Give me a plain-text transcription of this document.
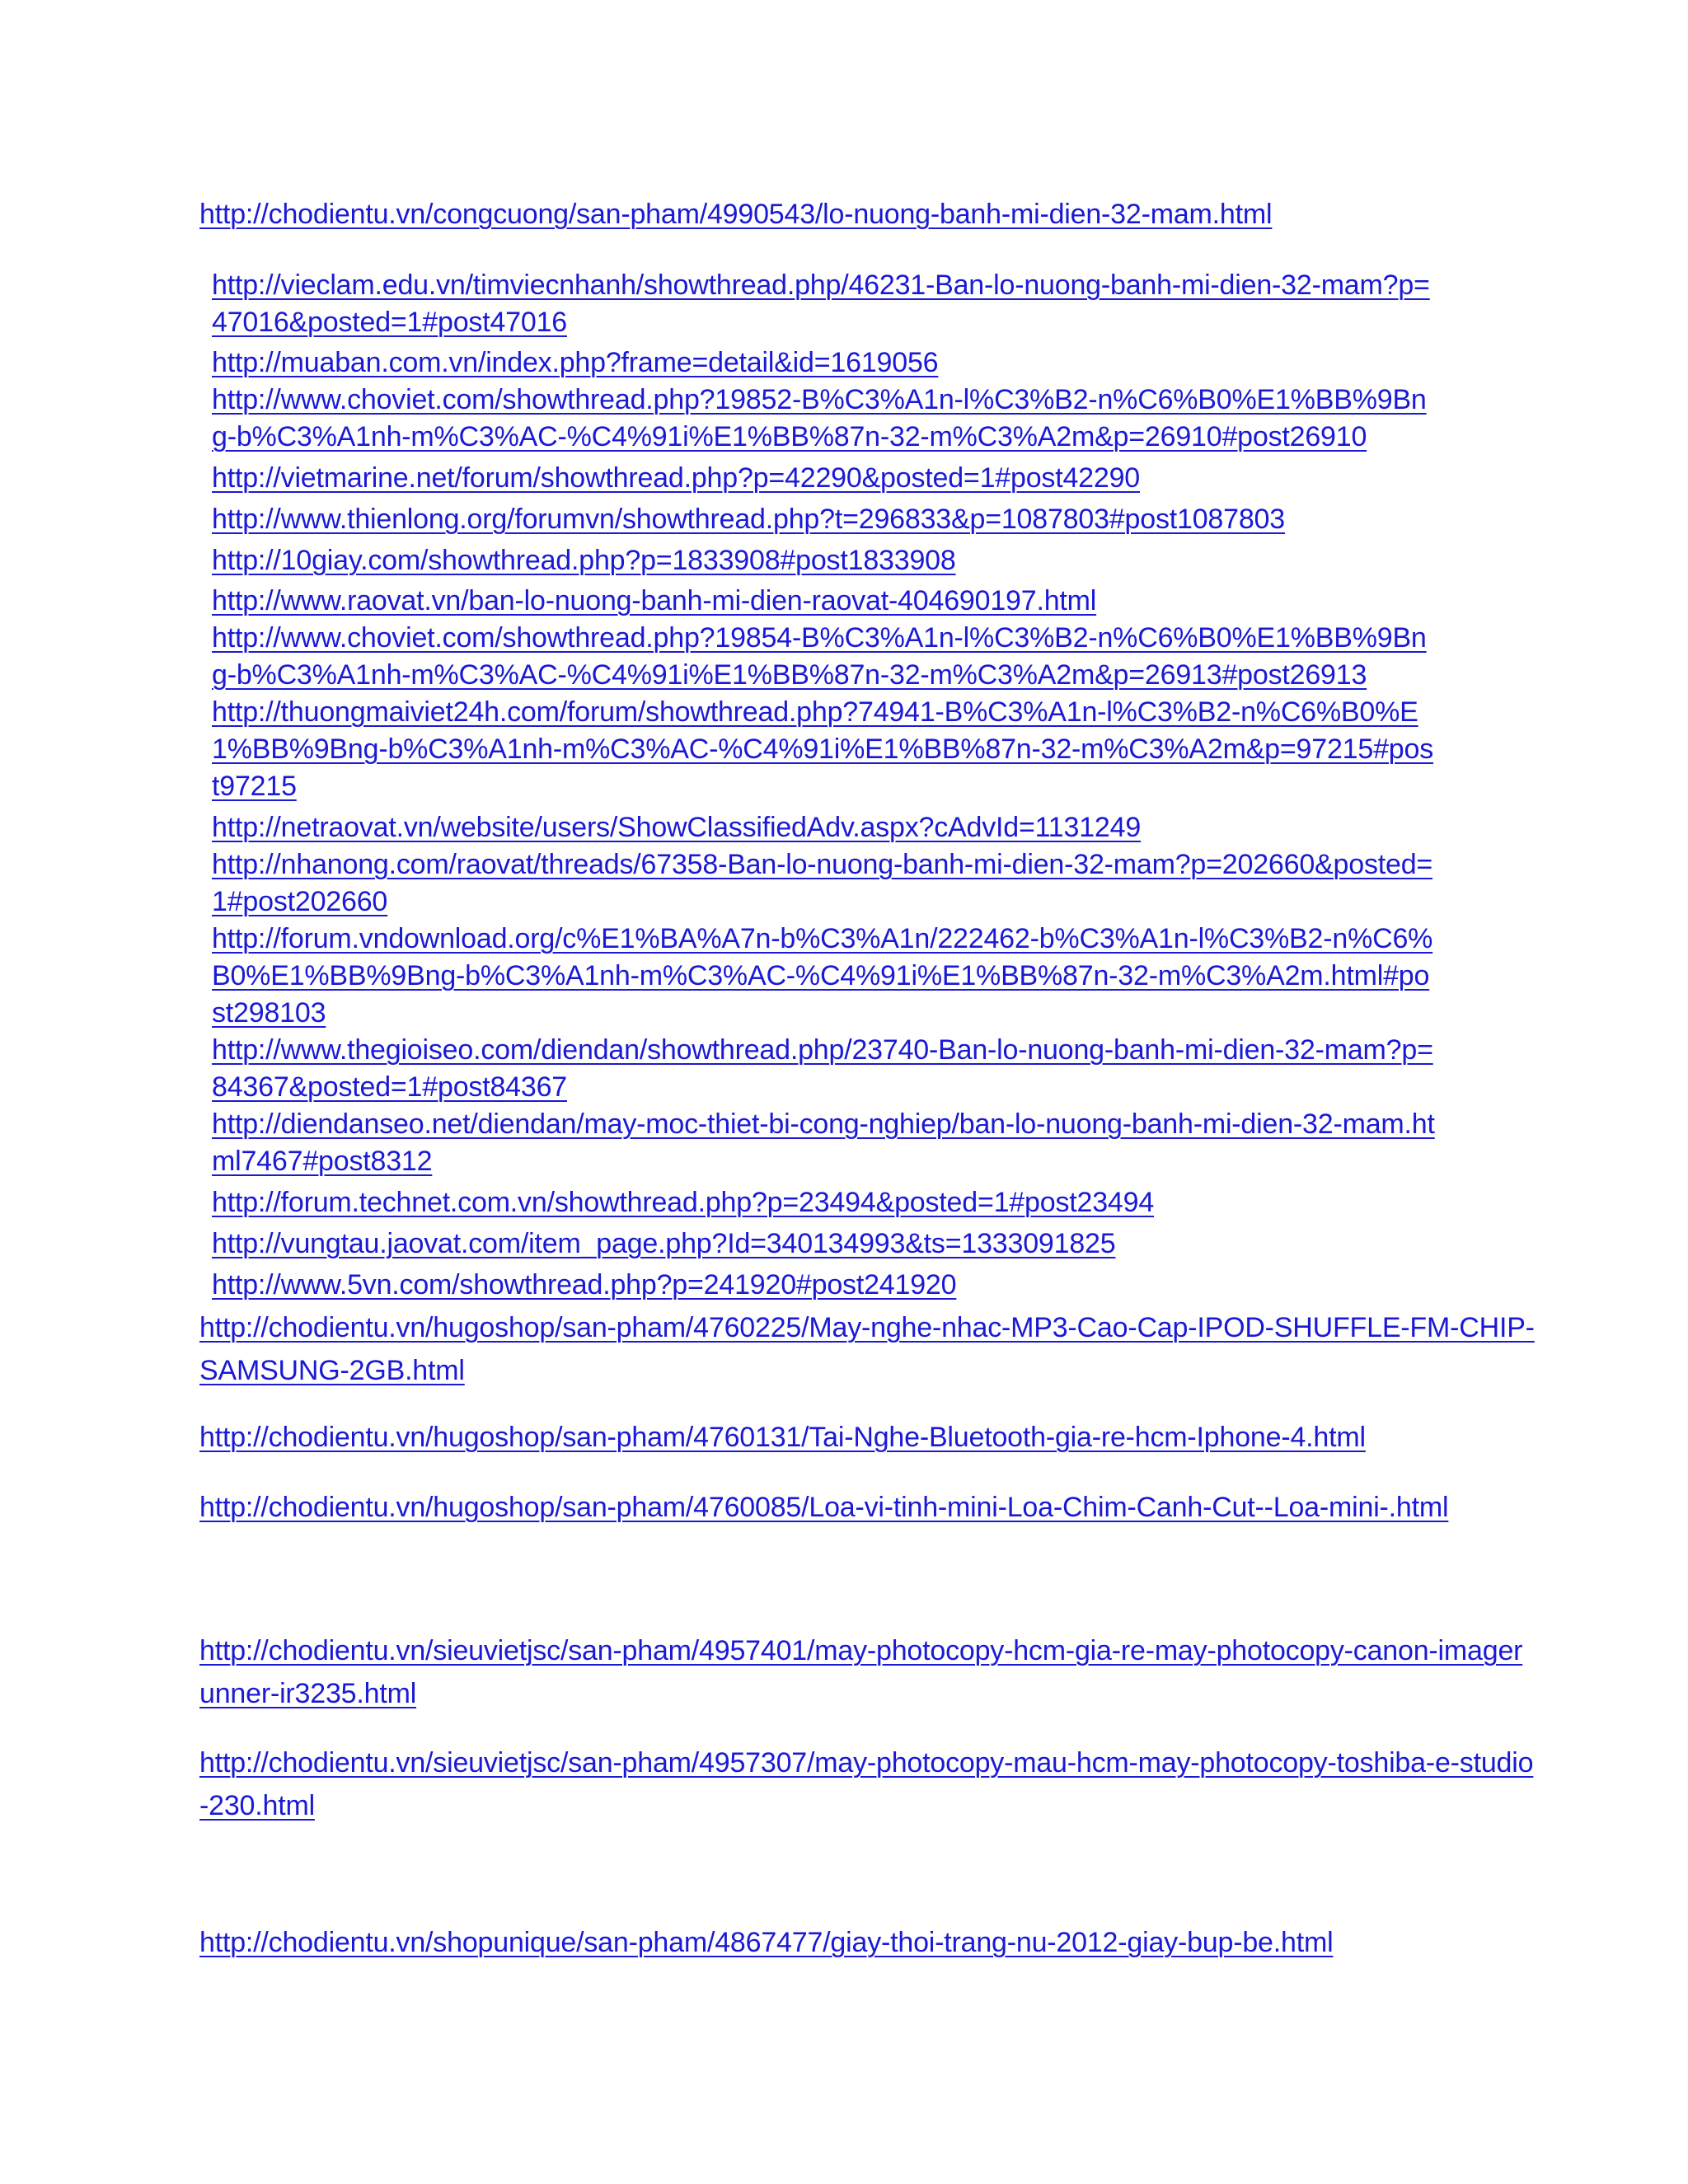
http://chodientu.vn/congcuong/san-pham/4990543/lo-nuong-banh-mi-dien-32-mam.html
http://vieclam.edu.vn/timviecnhanh/showthread.php/46231-Ban-lo-nuong-banh-mi-dien-32-mam?p=47016&posted=1#post47016
http://muaban.com.vn/index.php?frame=detail&id=1619056
http://www.choviet.com/showthread.php?19852-B%C3%A1n-l%C3%B2-n%C6%B0%E1%BB%9Bng-b%C3%A1nh-m%C3%AC-%C4%91i%E1%BB%87n-32-m%C3%A2m&p=26910#post26910
http://vietmarine.net/forum/showthread.php?p=42290&posted=1#post42290
http://www.thienlong.org/forumvn/showthread.php?t=296833&p=1087803#post1087803
http://10giay.com/showthread.php?p=1833908#post1833908
http://www.raovat.vn/ban-lo-nuong-banh-mi-dien-raovat-404690197.html
http://www.choviet.com/showthread.php?19854-B%C3%A1n-l%C3%B2-n%C6%B0%E1%BB%9Bng-b%C3%A1nh-m%C3%AC-%C4%91i%E1%BB%87n-32-m%C3%A2m&p=26913#post26913
http://thuongmaiviet24h.com/forum/showthread.php?74941-B%C3%A1n-l%C3%B2-n%C6%B0%E1%BB%9Bng-b%C3%A1nh-m%C3%AC-%C4%91i%E1%BB%87n-32-m%C3%A2m&p=97215#post97215
http://netraovat.vn/website/users/ShowClassifiedAdv.aspx?cAdvId=1131249
http://nhanong.com/raovat/threads/67358-Ban-lo-nuong-banh-mi-dien-32-mam?p=202660&posted=1#post202660
http://forum.vndownload.org/c%E1%BA%A7n-b%C3%A1n/222462-b%C3%A1n-l%C3%B2-n%C6%B0%E1%BB%9Bng-b%C3%A1nh-m%C3%AC-%C4%91i%E1%BB%87n-32-m%C3%A2m.html#post298103
http://www.thegioiseo.com/diendan/showthread.php/23740-Ban-lo-nuong-banh-mi-dien-32-mam?p=84367&posted=1#post84367
http://diendanseo.net/diendan/may-moc-thiet-bi-cong-nghiep/ban-lo-nuong-banh-mi-dien-32-mam.html7467#post8312
http://forum.technet.com.vn/showthread.php?p=23494&posted=1#post23494
http://vungtau.jaovat.com/item_page.php?Id=340134993&ts=1333091825
http://www.5vn.com/showthread.php?p=241920#post241920
http://chodientu.vn/hugoshop/san-pham/4760225/May-nghe-nhac-MP3-Cao-Cap-IPOD-SHUFFLE-FM-CHIP-SAMSUNG-2GB.html
http://chodientu.vn/hugoshop/san-pham/4760131/Tai-Nghe-Bluetooth-gia-re-hcm-Iphone-4.html
http://chodientu.vn/hugoshop/san-pham/4760085/Loa-vi-tinh-mini-Loa-Chim-Canh-Cut--Loa-mini-.html
http://chodientu.vn/sieuvietjsc/san-pham/4957401/may-photocopy-hcm-gia-re-may-photocopy-canon-imagerunner-ir3235.html
http://chodientu.vn/sieuvietjsc/san-pham/4957307/may-photocopy-mau-hcm-may-photocopy-toshiba-e-studio-230.html
http://chodientu.vn/shopunique/san-pham/4867477/giay-thoi-trang-nu-2012-giay-bup-be.html
